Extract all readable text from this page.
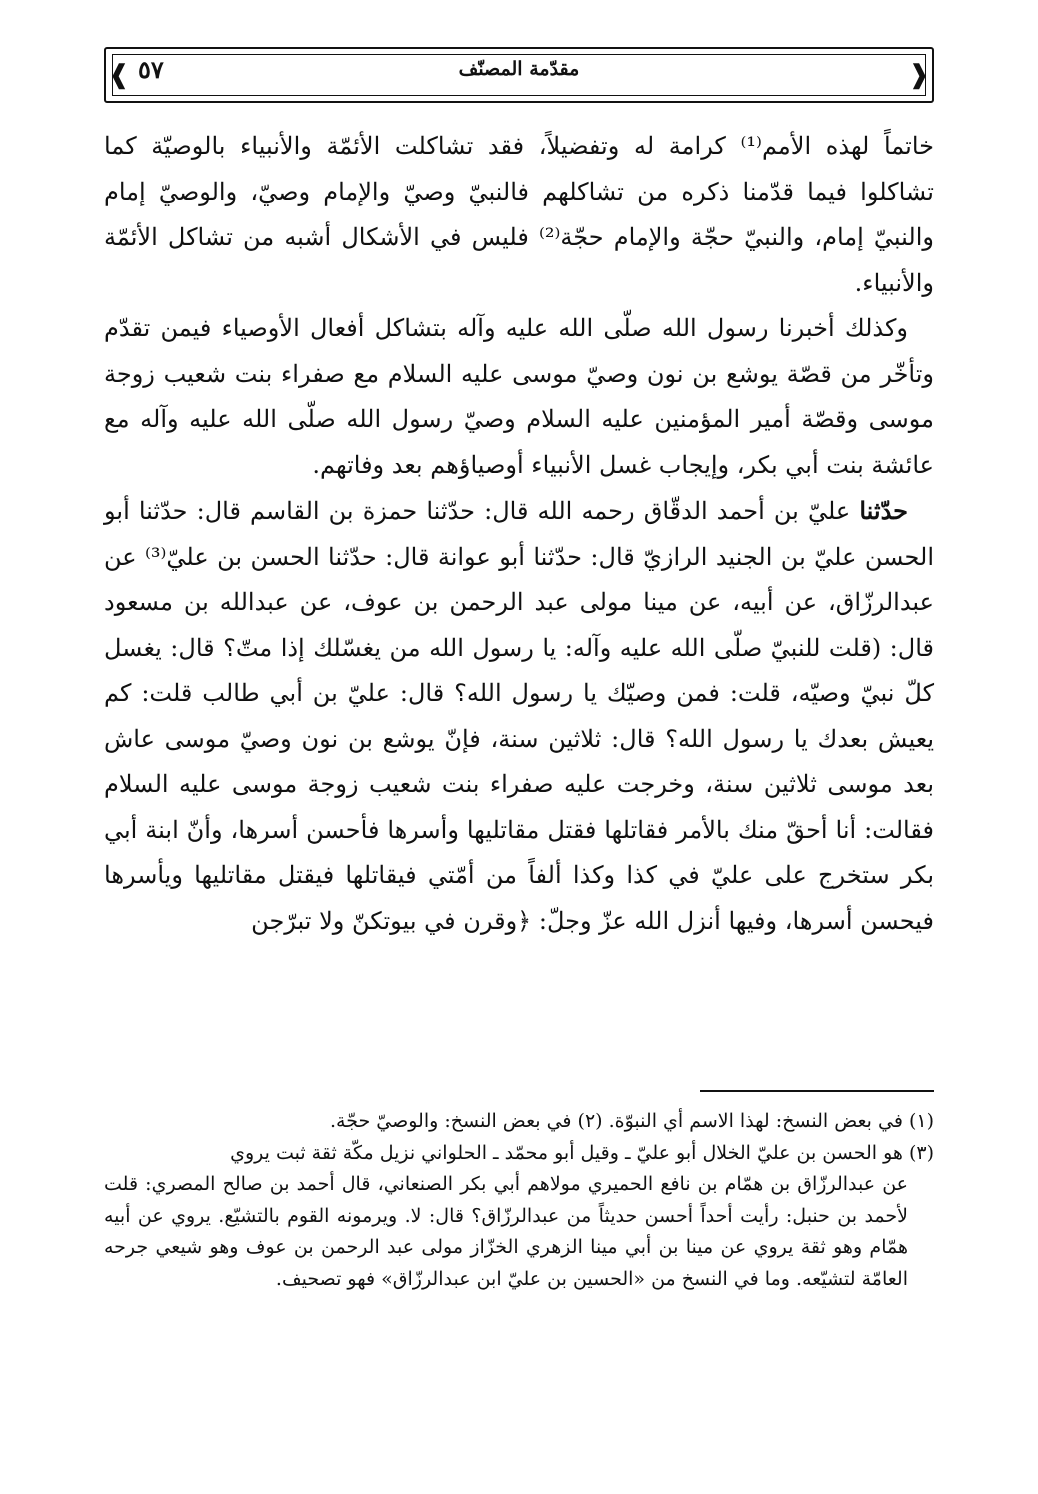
❰	❱
٥٧	مقدّمة المصنّف

خاتماً لهذه الأمم⁽¹⁾ كرامة له وتفضيلاً، فقد تشاكلت الأئمّة والأنبياء بالوصيّة كما تشاكلوا فيما قدّمنا ذكره من تشاكلهم فالنبيّ وصيّ والإمام وصيّ، والوصيّ إمام والنبيّ إمام، والنبيّ حجّة والإمام حجّة⁽²⁾ فليس في الأشكال أشبه من تشاكل الأئمّة والأنبياء.

وكذلك أخبرنا رسول الله صلّى الله عليه وآله بتشاكل أفعال الأوصياء فيمن تقدّم وتأخّر من قصّة يوشع بن نون وصيّ موسى عليه السلام مع صفراء بنت شعيب زوجة موسى وقصّة أمير المؤمنين عليه السلام وصيّ رسول الله صلّى الله عليه وآله مع عائشة بنت أبي بكر، وإيجاب غسل الأنبياء أوصياؤهم بعد وفاتهم.

حدّثنا عليّ بن أحمد الدقّاق رحمه الله قال: حدّثنا حمزة بن القاسم قال: حدّثنا أبو الحسن عليّ بن الجنيد الرازيّ قال: حدّثنا أبو عوانة قال: حدّثنا الحسن بن عليّ⁽³⁾ عن عبدالرزّاق، عن أبيه، عن مينا مولى عبد الرحمن بن عوف، عن عبدالله بن مسعود قال: (قلت للنبيّ صلّى الله عليه وآله: يا رسول الله من يغسّلك إذا متّ؟ قال: يغسل كلّ نبيّ وصيّه، قلت: فمن وصيّك يا رسول الله؟ قال: عليّ بن أبي طالب قلت: كم يعيش بعدك يا رسول الله؟ قال: ثلاثين سنة، فإنّ يوشع بن نون وصيّ موسى عاش بعد موسى ثلاثين سنة، وخرجت عليه صفراء بنت شعيب زوجة موسى عليه السلام فقالت: أنا أحقّ منك بالأمر فقاتلها فقتل مقاتليها وأسرها فأحسن أسرها، وأنّ ابنة أبي بكر ستخرج على عليّ في كذا وكذا ألفاً من أمّتي فيقاتلها فيقتل مقاتليها ويأسرها فيحسن أسرها، وفيها أنزل الله عزّ وجلّ: ﴿وقرن في بيوتكنّ ولا تبرّجن

(١) في بعض النسخ: لهذا الاسم أي النبوّة. (٢) في بعض النسخ: والوصيّ حجّة.

(٣) هو الحسن بن عليّ الخلال أبو عليّ ـ وقيل أبو محمّد ـ الحلواني نزيل مكّة ثقة ثبت يروي

عن عبدالرزّاق بن همّام بن نافع الحميري مولاهم أبي بكر الصنعاني، قال أحمد بن صالح المصري: قلت لأحمد بن حنبل: رأيت أحداً أحسن حديثاً من عبدالرزّاق؟ قال: لا. ويرمونه القوم بالتشيّع. يروي عن أبيه همّام وهو ثقة يروي عن مينا بن أبي مينا الزهري الخزّاز مولى عبد الرحمن بن عوف وهو شيعي جرحه العامّة لتشيّعه. وما في النسخ من «الحسين بن عليّ ابن عبدالرزّاق» فهو تصحيف.
